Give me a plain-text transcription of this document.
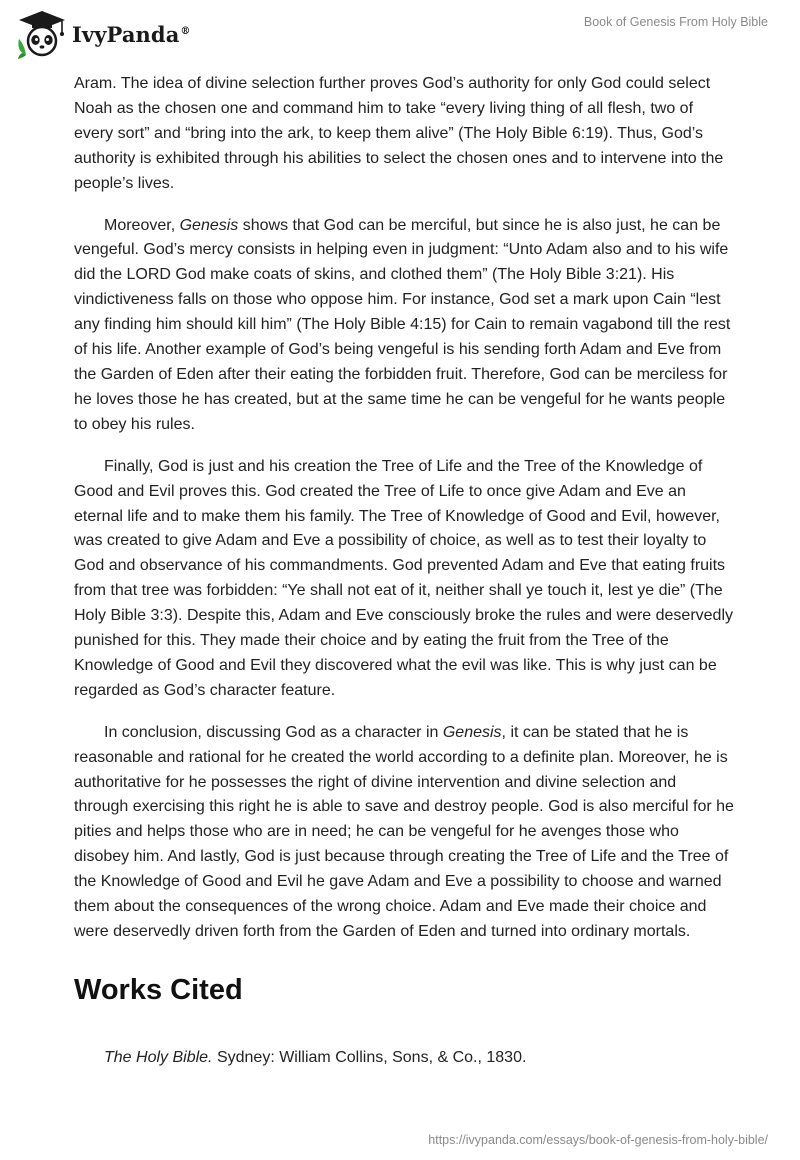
IvyPanda®
Book of Genesis From Holy Bible

Aram. The idea of divine selection further proves God’s authority for only God could select Noah as the chosen one and command him to take “every living thing of all flesh, two of every sort” and “bring into the ark, to keep them alive” (The Holy Bible 6:19). Thus, God’s authority is exhibited through his abilities to select the chosen ones and to intervene into the people’s lives.

Moreover, Genesis shows that God can be merciful, but since he is also just, he can be vengeful. God’s mercy consists in helping even in judgment: “Unto Adam also and to his wife did the LORD God make coats of skins, and clothed them” (The Holy Bible 3:21). His vindictiveness falls on those who oppose him. For instance, God set a mark upon Cain “lest any finding him should kill him” (The Holy Bible 4:15) for Cain to remain vagabond till the rest of his life. Another example of God’s being vengeful is his sending forth Adam and Eve from the Garden of Eden after their eating the forbidden fruit. Therefore, God can be merciless for he loves those he has created, but at the same time he can be vengeful for he wants people to obey his rules.

Finally, God is just and his creation the Tree of Life and the Tree of the Knowledge of Good and Evil proves this. God created the Tree of Life to once give Adam and Eve an eternal life and to make them his family. The Tree of Knowledge of Good and Evil, however, was created to give Adam and Eve a possibility of choice, as well as to test their loyalty to God and observance of his commandments. God prevented Adam and Eve that eating fruits from that tree was forbidden: “Ye shall not eat of it, neither shall ye touch it, lest ye die” (The Holy Bible 3:3). Despite this, Adam and Eve consciously broke the rules and were deservedly punished for this. They made their choice and by eating the fruit from the Tree of the Knowledge of Good and Evil they discovered what the evil was like. This is why just can be regarded as God’s character feature.

In conclusion, discussing God as a character in Genesis, it can be stated that he is reasonable and rational for he created the world according to a definite plan. Moreover, he is authoritative for he possesses the right of divine intervention and divine selection and through exercising this right he is able to save and destroy people. God is also merciful for he pities and helps those who are in need; he can be vengeful for he avenges those who disobey him. And lastly, God is just because through creating the Tree of Life and the Tree of the Knowledge of Good and Evil he gave Adam and Eve a possibility to choose and warned them about the consequences of the wrong choice. Adam and Eve made their choice and were deservedly driven forth from the Garden of Eden and turned into ordinary mortals.

Works Cited
The Holy Bible. Sydney: William Collins, Sons, & Co., 1830.
https://ivypanda.com/essays/book-of-genesis-from-holy-bible/
